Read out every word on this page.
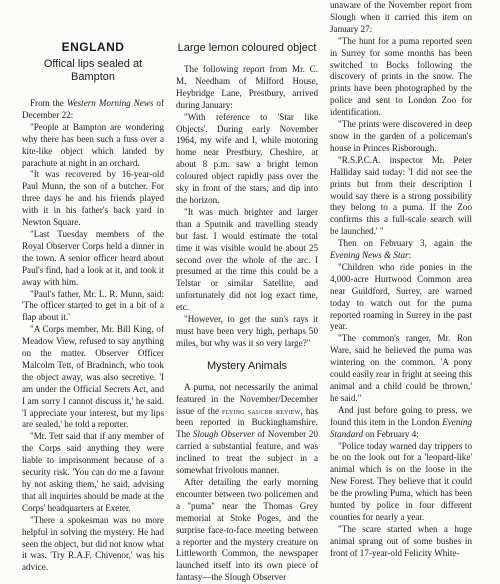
ENGLAND
Offical lips sealed at Bampton

From the Western Morning News of December 22:

"People at Bampton are wondering why there has been such a fuss over a kite-like object which landed by parachute at night in an orchard.

"It was recovered by 16-year-old Paul Munn, the son of a butcher. For three days he and his friends played with it in his father's back yard in Newton Square.

"Last Tuesday members of the Royal Observer Corps held a dinner in the town. A senior officer heard about Paul's find, had a look at it, and took it away with him.

"Paul's father, Mr. L. R. Munn, said: 'The officer started to get in a bit of a flap about it.'

"A Corps member, Mr. Bill King, of Meadow View, refused to say anything on the matter. Observer Officer Malcolm Tett, of Bradninch, who took the object away, was also secretive. 'I am under the Official Secrets Act, and I am sorry I cannot discuss it,' he said. 'I appreciate your interest, but my lips are sealed,' he told a reporter.

"Mr. Tett said that if any member of the Corps said anything they were liable to imprisonment because of a security risk. 'You can do me a favour by not asking them,' he said, advising that all inquiries should be made at the Corps' headquarters at Exeter.

"There a spokesman was no more helpful in solving the mystery. He had seen the object, but did not know what it was. 'Try R.A.F. Chivenor,' was his advice.

Large lemon coloured object

The following report from Mr. C. M. Needham of Milford House, Heybridge Lane, Prestbury, arrived during January:

"With reference to 'Star like Objects'. During early November 1964, my wife and I, while motoring home near Prestbury, Cheshire, at about 8 p.m. saw a bright lemon coloured object rapidly pass over the sky in front of the stars, and dip into the horizon.

"It was much brighter and larger than a Sputnik and travelling steady but fast. I would estimate the total time it was visible would be about 25 second over the whole of the arc. I presumed at the time this could be a Telstar or similar Satellite, and unfortunately did not log exact time, etc.

"However, to get the sun's rays it must have been very high, perhaps 50 miles, but why was it so very large?"

Mystery Animals

A puma, not necessarily the animal featured in the November/December issue of the flying saucer review, has been reported in Buckinghamshire. The Slough Observer of November 20 carried a substantial feature, and was inclined to treat the subject in a somewhat frivolous manner.

After detailing the early morning encounter between two policemen and a "puma" near the Thomas Grey memorial at Stoke Poges, and the surprise face-to-face meeting between a reporter and the mystery creature on Littleworth Common, the newspaper launched itself into its own piece of fantasy—the Slough Observer

unaware of the November report from Slough when it carried this item on January 27:

"The hunt for a puma reported seen in Surrey for some months has been switched to Bocks following the discovery of prints in the snow. The prints have been photographed by the police and sent to London Zoo for identification.

"The prints were discovered in deep snow in the garden of a policeman's house in Princes Risborough.

"R.S.P.C.A. inspector Mr. Peter Halliday said today: 'I did not see the prints but from their description I would say there is a strong possibility they belong to a puma. If the Zoo confirms this a full-scale search will be launched.' "

Then on February 3, again the Evening News & Star:

"Children who ride ponies in the 4,000-acre Hurtwood Common area near Guildford, Surrey, are warned today to watch out for the puma reported roaming in Surrey in the past year.

"The common's ranger, Mr. Ron Ware, said he believed the puma was wintering on the common. 'A pony could easily rear in fright at seeing this animal and a child could be thrown,' he said."

And just before going to press, we found this item in the London Evening Standard on February 4:

"Police today warned day trippers to be on the look out for a 'leopard-like' animal which is on the loose in the New Forest. They believe that it could be the prowling Puma, which has been hunted by police in four different counties for nearly a year.

"The scare started when a huge animal sprang out of some bushes in front of 17-year-old Felicity White-
